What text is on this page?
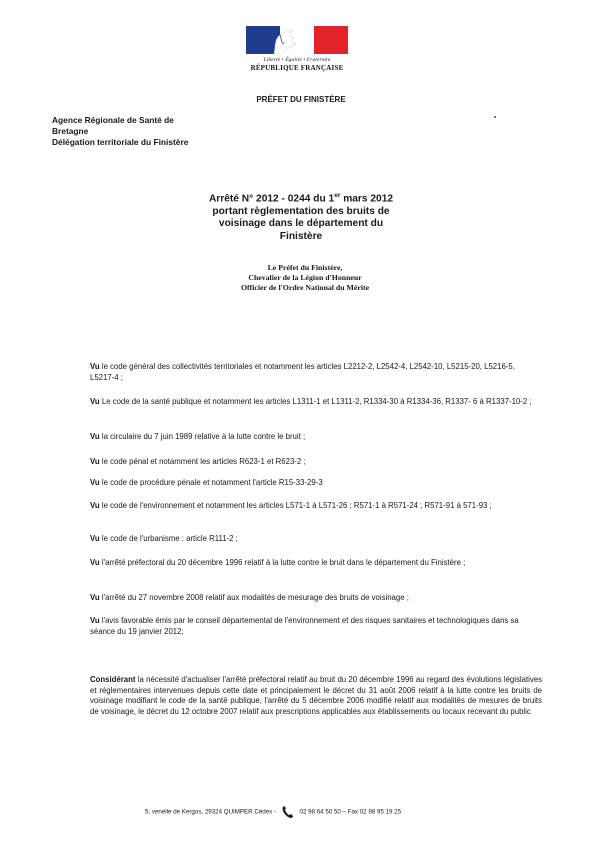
Liberté • Égalité • Fraternité
RÉPUBLIQUE FRANÇAISE
PRÉFET DU FINISTÈRE
Agence Régionale de Santé de
Bretagne
Délégation territoriale du Finistère
Arrêté N° 2012 - 0244 du 1er mars 2012
portant règlementation des bruits de
voisinage dans le département du
Finistère
Le Préfet du Finistère,
Chevalier de la Légion d'Honneur
Officier de l'Ordre National du Mérite
Vu le code général des collectivités territoriales et notamment les articles L2212-2, L2542-4, L2542-10, L5215-20, L5216-5, L5217-4 ;
Vu Le code de la santé publique et notamment les articles L1311-1 et L1311-2, R1334-30 à R1334-36, R1337- 6 à R1337-10-2 ;
Vu la circulaire du 7 juin 1989 relative à la lutte contre le bruit ;
Vu le code pénal et notamment les articles R623-1 et R623-2 ;
Vu le code de procédure pénale et notamment l'article R15-33-29-3
Vu le code de l'environnement et notamment les articles L571-1 à L571-26 ; R571-1 à R571-24 ; R571-91 à 571-93 ;
Vu le code de l'urbanisme : article R111-2 ;
Vu l'arrêté préfectoral du 20 décembre 1996 relatif à la lutte contre le bruit dans le département du Finistère ;
Vu l'arrêté du 27 novembre 2008 relatif aux modalités de mesurage des bruits de voisinage ;
Vu l'avis favorable émis par le conseil départemental de l'environnement et des risques sanitaires et technologiques dans sa séance du 19 janvier 2012;
Considérant la nécessité d'actualiser l'arrêté préfectoral relatif au bruit du 20 décembre 1996 au regard des évolutions législatives et réglementaires intervenues depuis cette date et principalement le décret du 31 août 2006 relatif à la lutte contre les bruits de voisinage modifiant le code de la santé publique, l'arrêté du 5 décembre 2006 modifié relatif aux modalités de mesures de bruits de voisinage, le décret du 12 octobre 2007 relatif aux prescriptions applicables aux établissements ou locaux recevant du public
5, venelle de Kergos, 29324 QUIMPER Cédex -	02 98 64 50 50 – Fax 02 98 95 19 25
